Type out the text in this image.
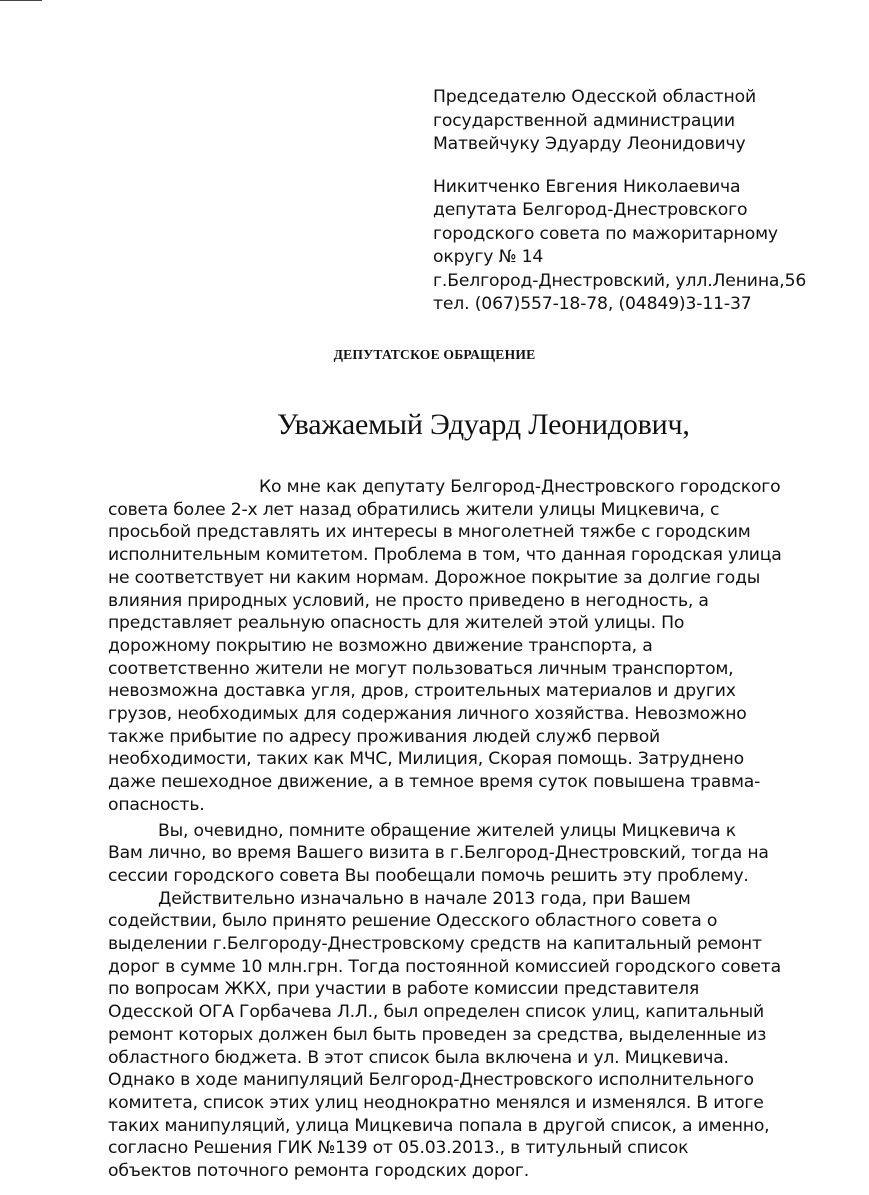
Председателю Одесской областной
государственной администрации
Матвейчуку Эдуарду Леонидовичу
Никитченко Евгения Николаевича
депутата Белгород-Днестровского
городского совета по мажоритарному
округу № 14
г.Белгород-Днестровский, улл.Ленина,56
тел. (067)557-18-78, (04849)3-11-37
ДЕПУТАТСКОЕ ОБРАЩЕНИЕ
Уважаемый Эдуард Леонидович,
Ко мне как депутату Белгород-Днестровского городского
совета более 2-х лет назад обратились жители улицы Мицкевича, с
просьбой представлять их интересы в многолетней тяжбе с городским
исполнительным комитетом. Проблема в том, что данная городская улица
не соответствует ни каким нормам. Дорожное покрытие за долгие годы
влияния природных условий, не просто приведено в негодность, а
представляет реальную опасность для жителей этой улицы. По
дорожному покрытию не возможно движение транспорта, а
соответственно жители не могут пользоваться личным транспортом,
невозможна доставка угля, дров, строительных материалов и других
грузов, необходимых для содержания личного хозяйства. Невозможно
также прибытие по адресу проживания людей служб первой
необходимости, таких как МЧС, Милиция, Скорая помощь. Затруднено
даже пешеходное движение, а в темное время суток повышена травма-
опасность.
Вы, очевидно, помните обращение жителей улицы Мицкевича к
Вам лично, во время Вашего визита в г.Белгород-Днестровский, тогда на
сессии городского совета Вы пообещали помочь решить эту проблему.
Действительно изначально в начале 2013 года, при Вашем
содействии, было принято решение Одесского областного совета о
выделении г.Белгороду-Днестровскому средств на капитальный ремонт
дорог в сумме 10 млн.грн. Тогда постоянной комиссией городского совета
по вопросам ЖКХ, при участии в работе комиссии представителя
Одесской ОГА Горбачева Л.Л., был определен список улиц, капитальный
ремонт которых должен был быть проведен за средства, выделенные из
областного бюджета. В этот список была включена и ул. Мицкевича.
Однако в ходе манипуляций Белгород-Днестровского исполнительного
комитета, список этих улиц неоднократно менялся и изменялся. В итоге
таких манипуляций, улица Мицкевича попала в другой список, а именно,
согласно Решения ГИК №139 от 05.03.2013., в титульный список
объектов поточного ремонта городских дорог.
